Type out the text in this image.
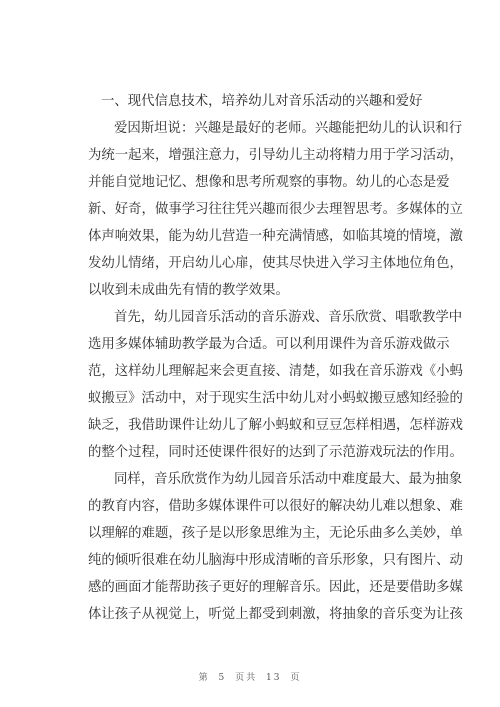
一、现代信息技术，培养幼儿对音乐活动的兴趣和爱好

爱因斯坦说：兴趣是最好的老师。兴趣能把幼儿的认识和行
为统一起来，增强注意力，引导幼儿主动将精力用于学习活动，
并能自觉地记忆、想像和思考所观察的事物。幼儿的心态是爱
新、好奇，做事学习往往凭兴趣而很少去理智思考。多媒体的立
体声响效果，能为幼儿营造一种充满情感，如临其境的情境，激
发幼儿情绪，开启幼儿心扉，使其尽快进入学习主体地位角色，
以收到未成曲先有情的教学效果。
首先，幼儿园音乐活动的音乐游戏、音乐欣赏、唱歌教学中
选用多媒体辅助教学最为合适。可以利用课件为音乐游戏做示
范，这样幼儿理解起来会更直接、清楚，如我在音乐游戏《小蚂
蚁搬豆》活动中，对于现实生活中幼儿对小蚂蚁搬豆感知经验的
缺乏，我借助课件让幼儿了解小蚂蚁和豆豆怎样相遇，怎样游戏
的整个过程，同时还使课件很好的达到了示范游戏玩法的作用。
同样，音乐欣赏作为幼儿园音乐活动中难度最大、最为抽象
的教育内容，借助多媒体课件可以很好的解决幼儿难以想象、难
以理解的难题，孩子是以形象思维为主，无论乐曲多么美妙，单
纯的倾听很难在幼儿脑海中形成清晰的音乐形象，只有图片、动
感的画面才能帮助孩子更好的理解音乐。因此，还是要借助多媒
体让孩子从视觉上，听觉上都受到刺激，将抽象的音乐变为让孩
第 5 页共 13 页
